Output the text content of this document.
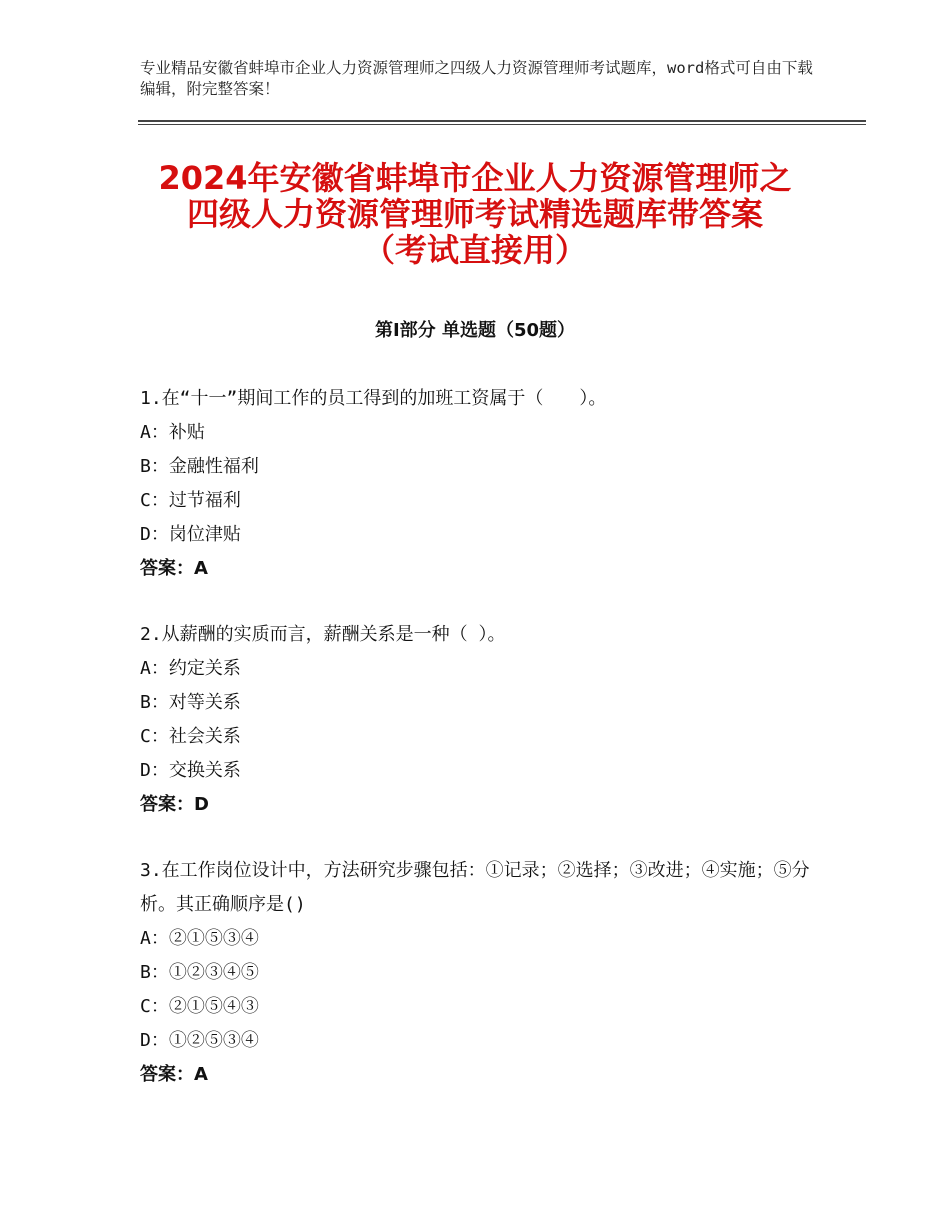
专业精品安徽省蚌埠市企业人力资源管理师之四级人力资源管理师考试题库，word格式可自由下载编辑，附完整答案！
2024年安徽省蚌埠市企业人力资源管理师之
四级人力资源管理师考试精选题库带答案
（考试直接用）
第Ⅰ部分 单选题（50题）
1.在“十一”期间工作的员工得到的加班工资属于（　　）。
A：补贴
B：金融性福利
C：过节福利
D：岗位津贴
答案：A
2.从薪酬的实质而言，薪酬关系是一种（ ）。
A：约定关系
B：对等关系
C：社会关系
D：交换关系
答案：D
3.在工作岗位设计中，方法研究步骤包括：①记录；②选择；③改进；④实施；⑤分析。其正确顺序是()
A：②①⑤③④
B：①②③④⑤
C：②①⑤④③
D：①②⑤③④
答案：A
